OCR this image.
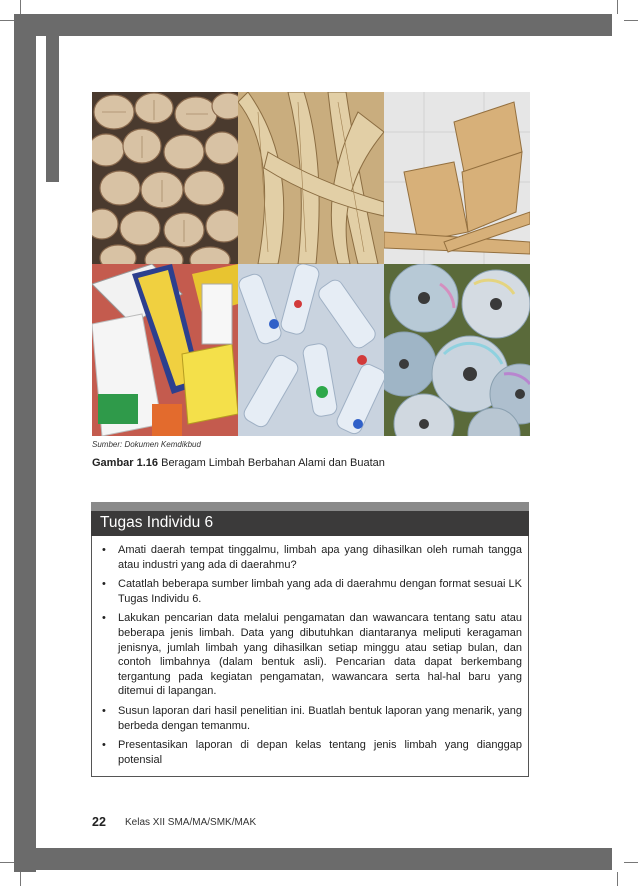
Sumber: Dokumen Kemdikbud
Gambar 1.16 Beragam Limbah Berbahan Alami dan Buatan
Tugas Individu 6
• Amati daerah tempat tinggalmu, limbah apa yang dihasilkan oleh rumah tangga atau industri yang ada di daerahmu?
• Catatlah beberapa sumber limbah yang ada di daerahmu dengan format sesuai LK Tugas Individu 6.
• Lakukan pencarian data melalui pengamatan dan wawancara tentang satu atau beberapa jenis limbah. Data yang dibutuhkan diantaranya meliputi keragaman jenisnya, jumlah limbah yang dihasilkan setiap minggu atau setiap bulan, dan contoh limbahnya (dalam bentuk asli). Pencarian data dapat berkembang tergantung pada kegiatan pengamatan, wawancara serta hal-hal baru yang ditemui di lapangan.
• Susun laporan dari hasil penelitian ini. Buatlah bentuk laporan yang menarik, yang berbeda dengan temanmu.
• Presentasikan laporan di depan kelas tentang jenis limbah yang dianggap potensial
22 Kelas XII SMA/MA/SMK/MAK
